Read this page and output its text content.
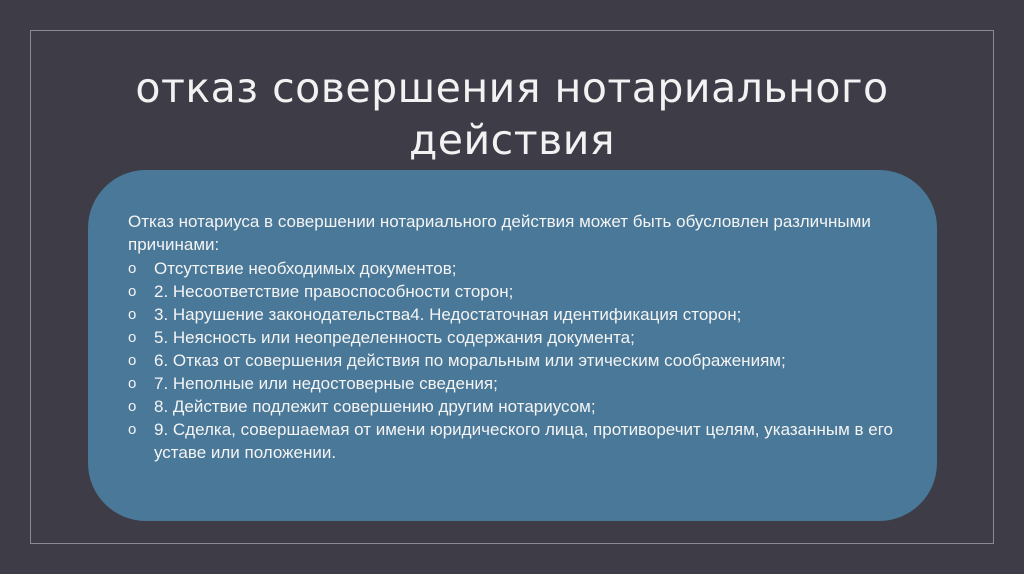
отказ совершения нотариального действия

Отказ нотариуса в совершении нотариального действия может быть обусловлен различными причинами:

o	Отсутствие необходимых документов;
o	2. Несоответствие правоспособности сторон;
o	3. Нарушение законодательства4. Недостаточная идентификация сторон;
o	5. Неясность или неопределенность содержания документа;
o	6. Отказ от совершения действия по моральным или этическим соображениям;
o	7. Неполные или недостоверные сведения;
o	8. Действие подлежит совершению другим нотариусом;
o	9. Сделка, совершаемая от имени юридического лица, противоречит целям, указанным в его уставе или положении.
